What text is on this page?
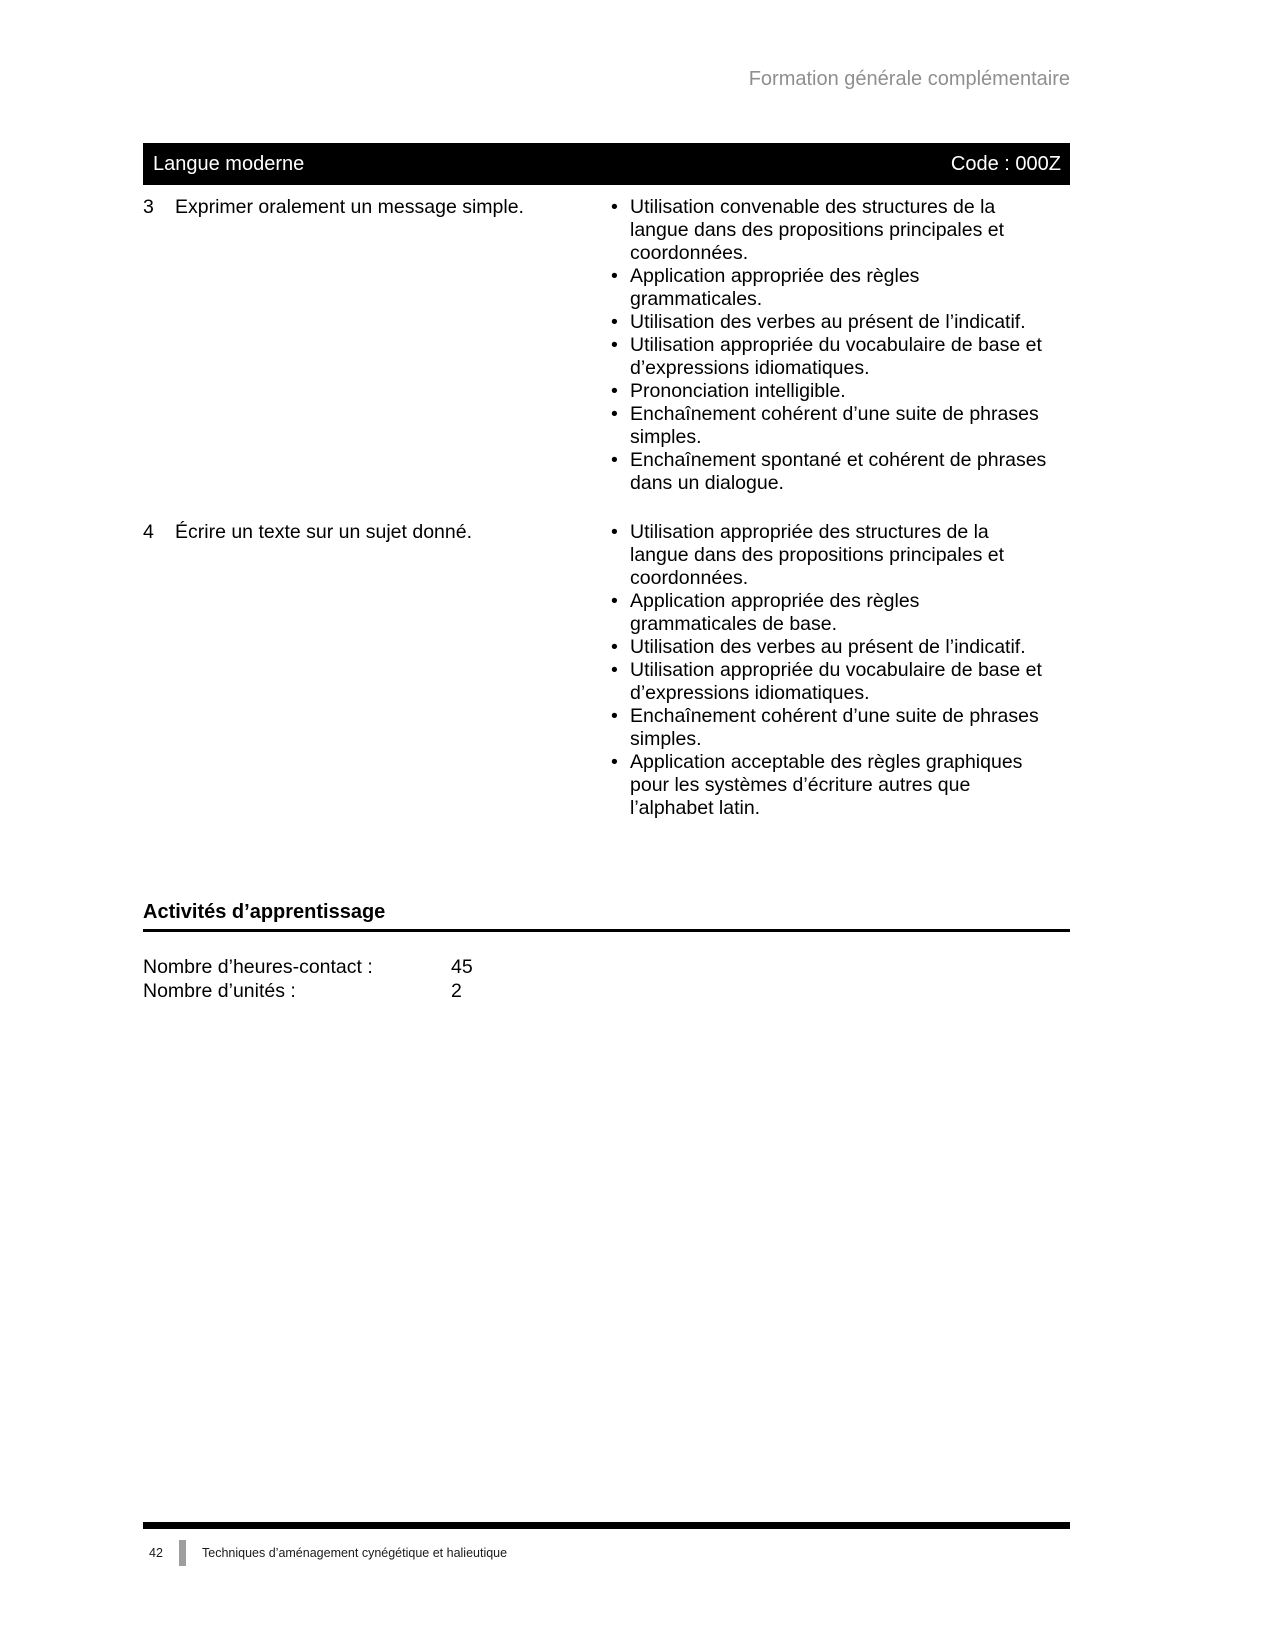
Formation générale complémentaire
Langue moderne	Code : 000Z
3	Exprimer oralement un message simple.	• Utilisation convenable des structures de la langue dans des propositions principales et coordonnées.
• Application appropriée des règles grammaticales.
• Utilisation des verbes au présent de l’indicatif.
• Utilisation appropriée du vocabulaire de base et d’expressions idiomatiques.
• Prononciation intelligible.
• Enchaînement cohérent d’une suite de phrases simples.
• Enchaînement spontané et cohérent de phrases dans un dialogue.
4	Écrire un texte sur un sujet donné.	• Utilisation appropriée des structures de la langue dans des propositions principales et coordonnées.
• Application appropriée des règles grammaticales de base.
• Utilisation des verbes au présent de l’indicatif.
• Utilisation appropriée du vocabulaire de base et d’expressions idiomatiques.
• Enchaînement cohérent d’une suite de phrases simples.
• Application acceptable des règles graphiques pour les systèmes d’écriture autres que l’alphabet latin.
Activités d’apprentissage
Nombre d’heures-contact :	45
Nombre d’unités :	2
42	Techniques d’aménagement cynégétique et halieutique
